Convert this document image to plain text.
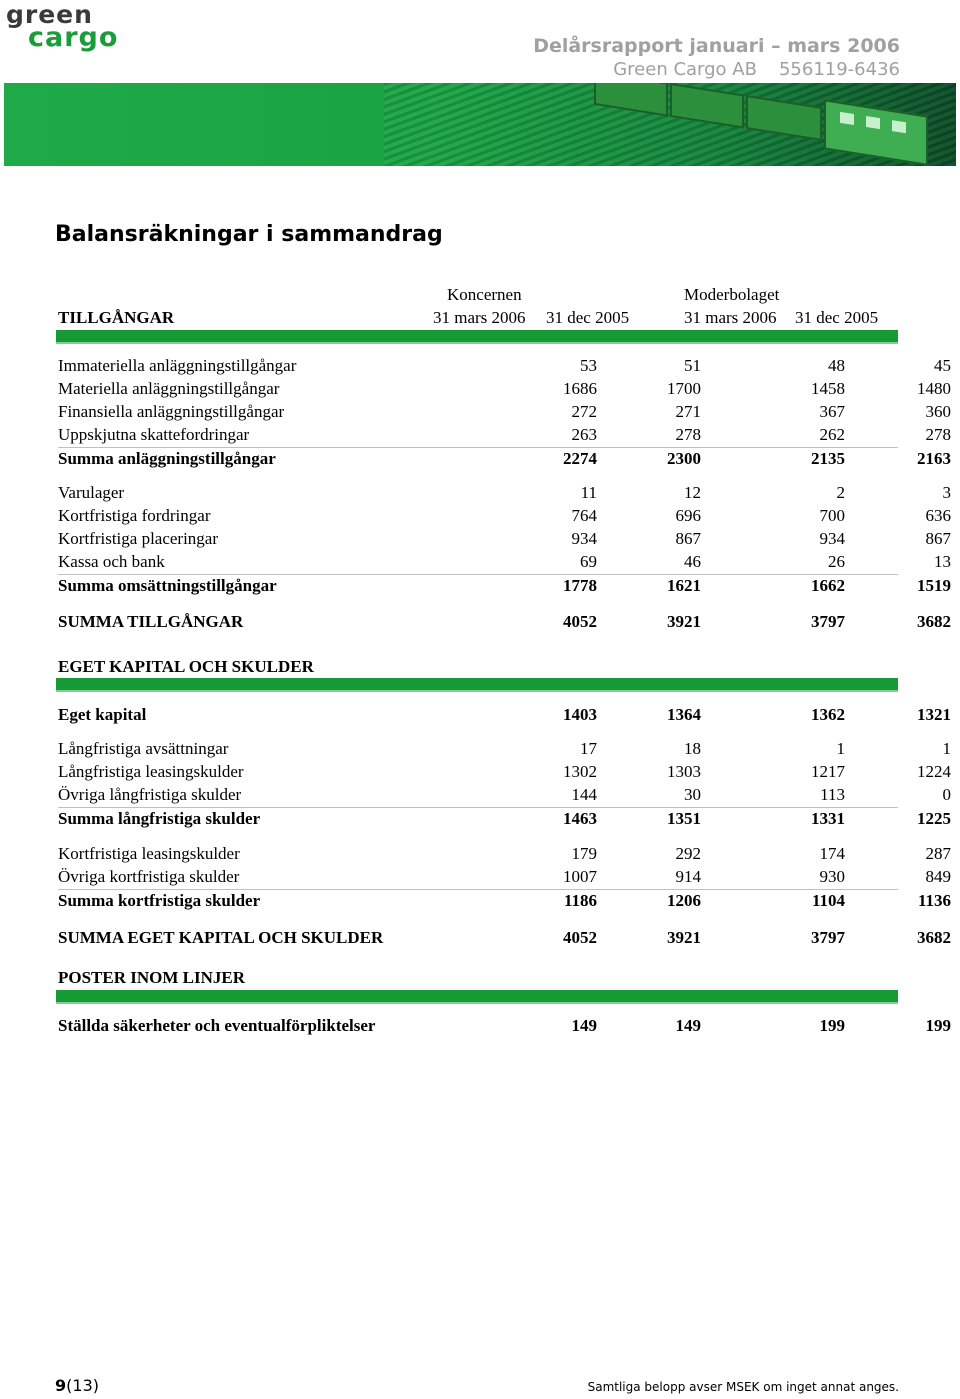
green
cargo	Delårsrapport januari – mars 2006
Green Cargo AB 556119-6436
Balansräkningar i sammandrag
Koncernen	Moderbolaget
TILLGÅNGAR	31 mars 2006 31 dec 2005	31 mars 2006 31 dec 2005
Immateriella anläggningstillgångar	53	51	48	45
Materiella anläggningstillgångar	1686	1700	1458	1480
Finansiella anläggningstillgångar	272	271	367	360
Uppskjutna skattefordringar	263	278	262	278
Summa anläggningstillgångar	2274	2300	2135	2163
Varulager	11	12	2	3
Kortfristiga fordringar	764	696	700	636
Kortfristiga placeringar	934	867	934	867
Kassa och bank	69	46	26	13
Summa omsättningstillgångar	1778	1621	1662	1519
SUMMA TILLGÅNGAR	4052	3921	3797	3682
EGET KAPITAL OCH SKULDER
Eget kapital	1403	1364	1362	1321
Långfristiga avsättningar	17	18	1	1
Långfristiga leasingskulder	1302	1303	1217	1224
Övriga långfristiga skulder	144	30	113	0
Summa långfristiga skulder	1463	1351	1331	1225
Kortfristiga leasingskulder	179	292	174	287
Övriga kortfristiga skulder	1007	914	930	849
Summa kortfristiga skulder	1186	1206	1104	1136
SUMMA EGET KAPITAL OCH SKULDER	4052	3921	3797	3682
POSTER INOM LINJER
Ställda säkerheter och eventualförpliktelser	149	149	199	199
9(13)	Samtliga belopp avser MSEK om inget annat anges.
